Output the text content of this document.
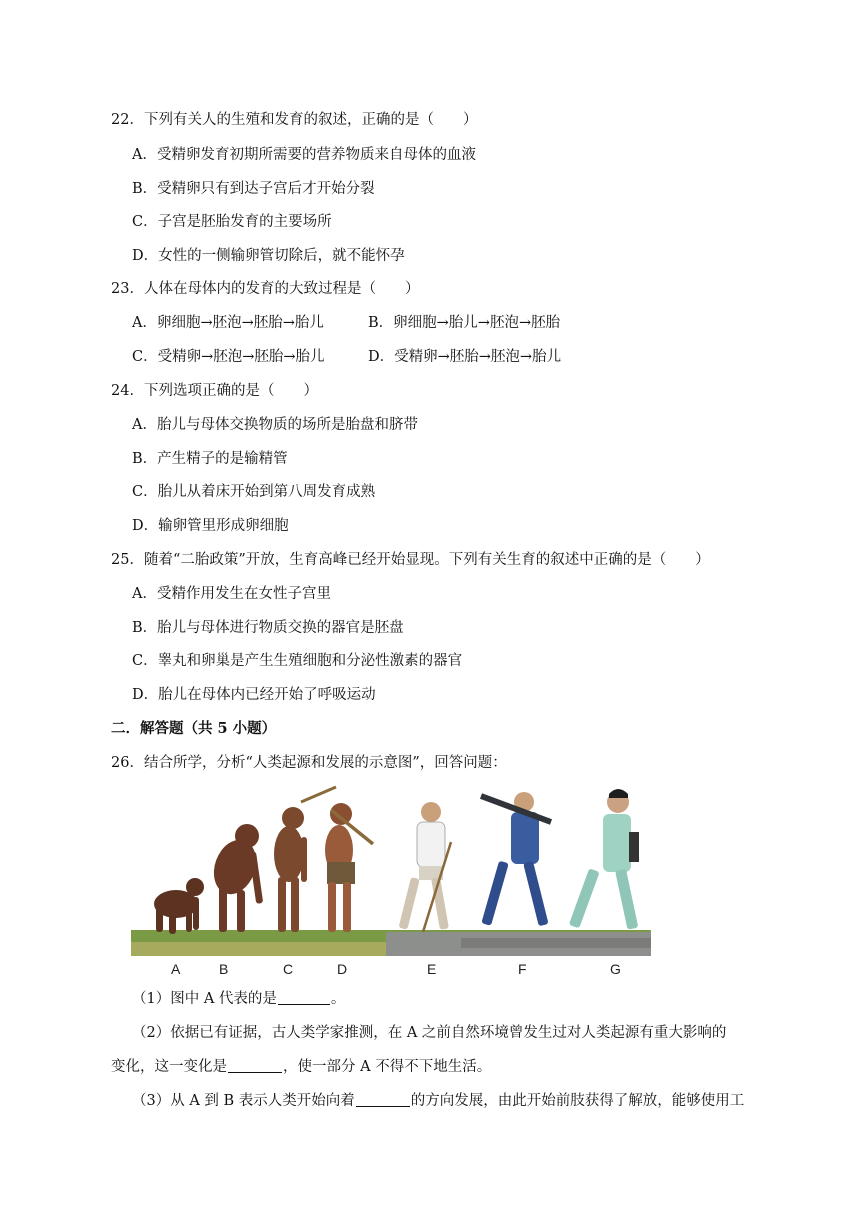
22．下列有关人的生殖和发育的叙述，正确的是（　　）
A．受精卵发育初期所需要的营养物质来自母体的血液
B．受精卵只有到达子宫后才开始分裂
C．子宫是胚胎发育的主要场所
D．女性的一侧输卵管切除后，就不能怀孕
23．人体在母体内的发育的大致过程是（　　）
A．卵细胞→胚泡→胚胎→胎儿	B．卵细胞→胎儿→胚泡→胚胎
C．受精卵→胚泡→胚胎→胎儿	D．受精卵→胚胎→胚泡→胎儿
24．下列选项正确的是（　　）
A．胎儿与母体交换物质的场所是胎盘和脐带
B．产生精子的是输精管
C．胎儿从着床开始到第八周发育成熟
D．输卵管里形成卵细胞
25．随着“二胎政策”开放，生育高峰已经开始显现。下列有关生育的叙述中正确的是（　　）
A．受精作用发生在女性子宫里
B．胎儿与母体进行物质交换的器官是胚盘
C．睾丸和卵巢是产生生殖细胞和分泌性激素的器官
D．胎儿在母体内已经开始了呼吸运动
二．解答题（共 5 小题）
26．结合所学，分析“人类起源和发展的示意图”，回答问题：
A	B	C	D	E	F	G
（1）图中 A 代表的是	。
（2）依据已有证据，古人类学家推测，在 A 之前自然环境曾发生过对人类起源有重大影响的
变化，这一变化是	，使一部分 A 不得不下地生活。
（3）从 A 到 B 表示人类开始向着	的方向发展，由此开始前肢获得了解放，能够使用工
